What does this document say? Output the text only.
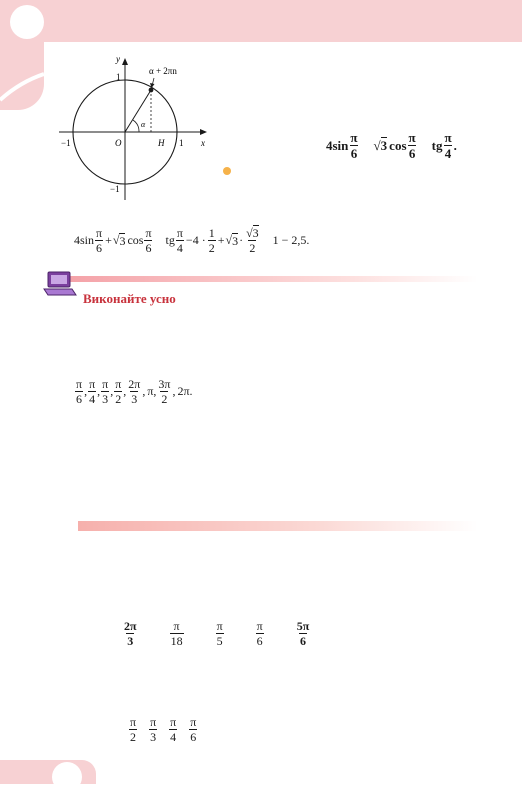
y
x
α + 2πn
O
α
H 1
−1
1
−1
$4\sin \frac{\pi}{6}$ √ 3 $\cos \frac{\pi}{6}$ tg $\frac{\pi}{4}$ .
$4\sin \frac{\pi}{6}$ + √ 3 $\cos \frac{\pi}{6}$ tg $\frac{\pi}{4} -4 \cdot \frac{1}{2}$ + √ $3 \cdot \frac{√3}{2} 1 - 2,5$.
Виконайте усно
$\frac{\pi}{6}$ , $\frac{\pi}{4}$ , $\frac{\pi}{3}$ , $\frac{\pi}{2}$ , $\frac{2\pi}{3}$ , π, $\frac{3\pi}{2}$ , 2π.
$\frac{2\pi}{3}$	$\frac{\pi}{18}$	$\frac{\pi}{5}$	$\frac{\pi}{6}$	$\frac{5\pi}{6}$
$\frac{\pi}{2} \frac{\pi}{3} \frac{\pi}{4} \frac{\pi}{6}$
